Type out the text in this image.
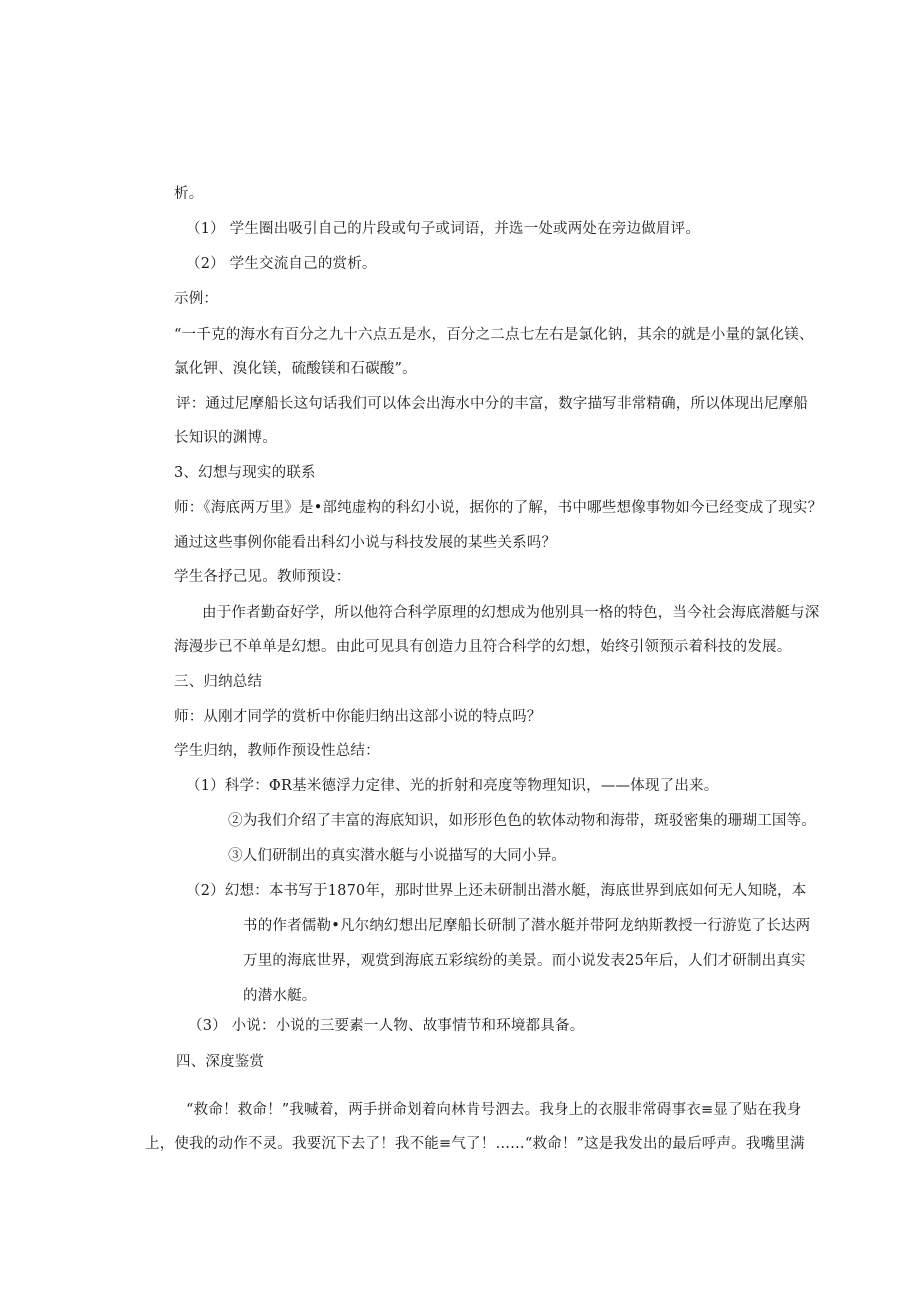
析。
（1） 学生圈出吸引自己的片段或句子或词语，并选一处或两处在旁边做眉评。
（2） 学生交流自己的赏析。
示例：
“一千克的海水有百分之九十六点五是水，百分之二点七左右是氯化钠，其余的就是小量的氯化镁、
氯化钾、溴化镁，硫酸镁和石碳酸”。
评：通过尼摩船长这句话我们可以体会出海水中分的丰富，数字描写非常精确，所以体现出尼摩船
长知识的渊博。
3、幻想与现实的联系
师：《海底两万里》是•部纯虚构的科幻小说，据你的了解，书中哪些想像事物如今已经变成了现实？
通过这些事例你能看出科幻小说与科技发展的某些关系吗？
学生各抒己见。教师预设：
由于作者勤奋好学，所以他符合科学原理的幻想成为他别具一格的特色，当今社会海底潜艇与深
海漫步已不单单是幻想。由此可见具有创造力且符合科学的幻想，始终引领预示着科技的发展。
三、归纳总结
师：从刚才同学的赏析中你能归纳出这部小说的特点吗？
学生归纳，教师作预设性总结：
（1）科学：ΦR基米德浮力定律、光的折射和亮度等物理知识，——体现了出来。
②为我们介绍了丰富的海底知识，如形形色色的软体动物和海带，斑驳密集的珊瑚工国等。
③人们研制出的真实潜水艇与小说描写的大同小异。
（2）幻想：本书写于1870年，那时世界上还未研制出潜水艇，海底世界到底如何无人知晓，本
书的作者儒勒•凡尔纳幻想出尼摩船长研制了潜水艇并带阿龙纳斯教授一行游览了长达两
万里的海底世界，观赏到海底五彩缤纷的美景。而小说发表25年后，人们才研制出真实
的潜水艇。
（3） 小说：小说的三要素一人物、故事情节和环境都具备。
四、深度鉴赏
“救命！救命！”我喊着，两手拼命划着向林肯号泗去。我身上的衣服非常碍事衣≡显了贴在我身
上，使我的动作不灵。我要沉下去了！我不能≡气了！……“救命！”这是我发出的最后呼声。我嘴里满
